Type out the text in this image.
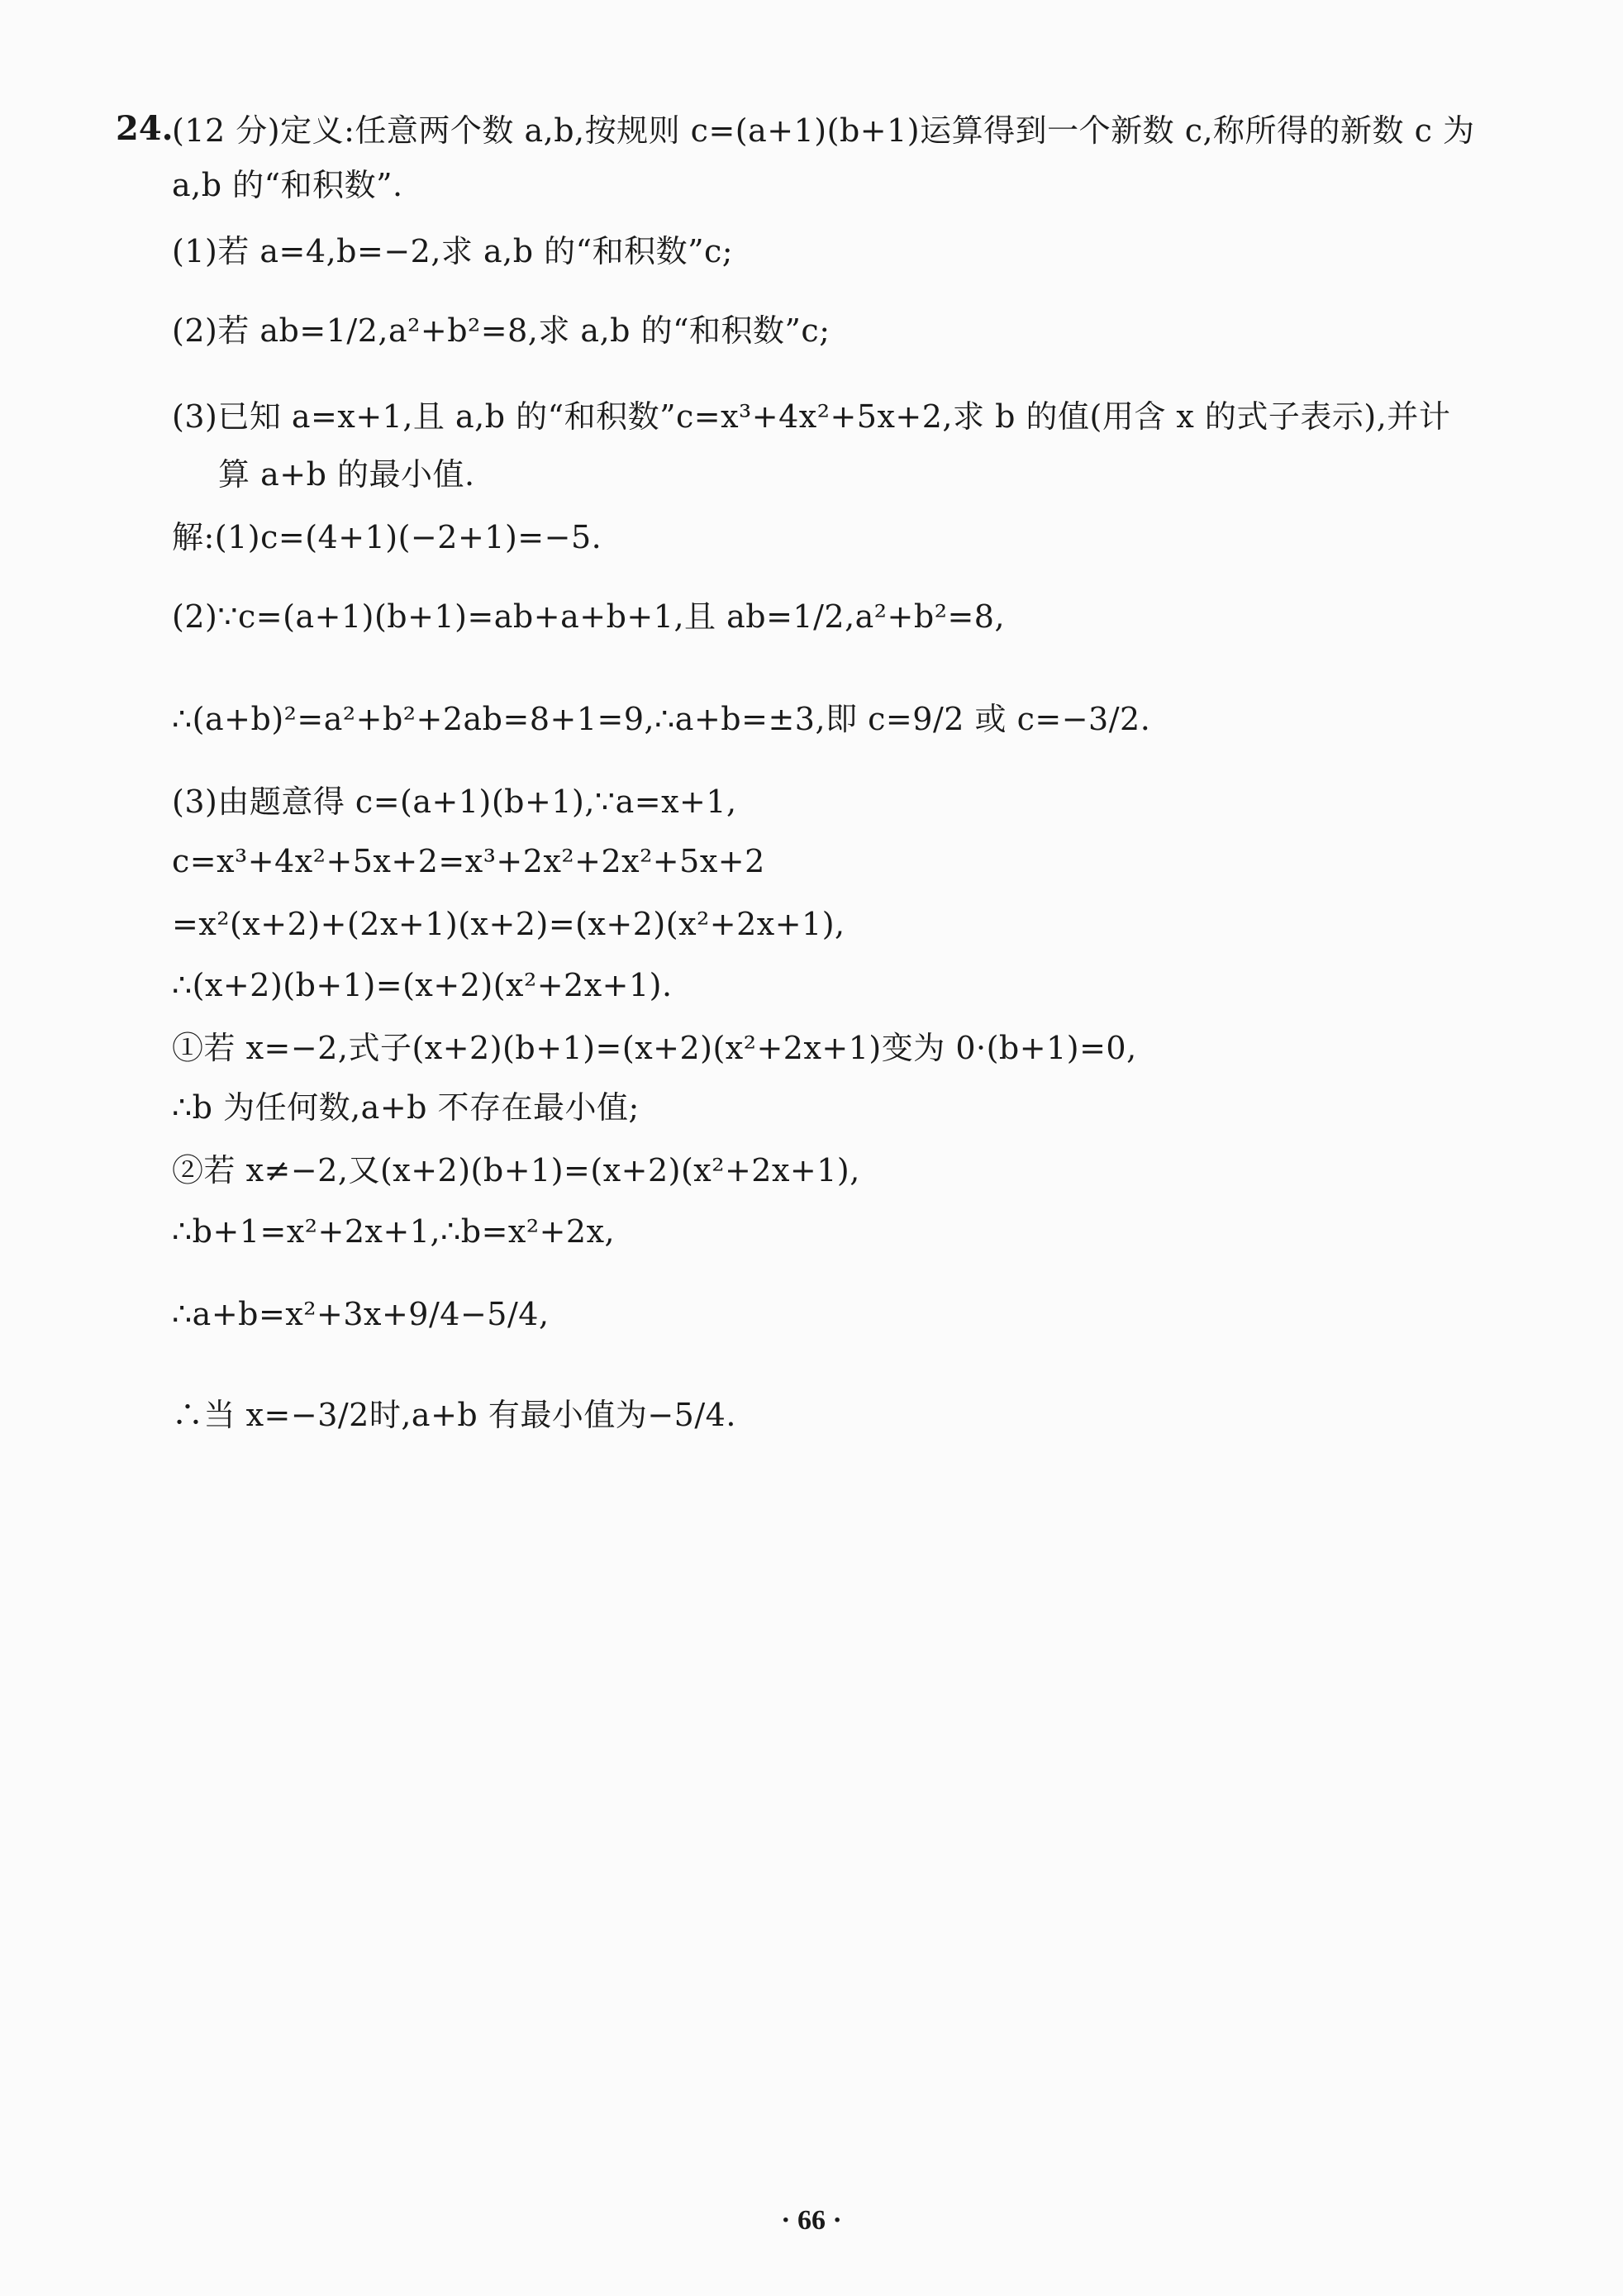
24.
(12 分)定义:任意两个数 a,b,按规则 c=(a+1)(b+1)运算得到一个新数 c,称所得的新数 c 为
a,b 的“和积数”.
(1)若 a=4,b=−2,求 a,b 的“和积数”c;
(2)若 ab=1/2,a²+b²=8,求 a,b 的“和积数”c;
(3)已知 a=x+1,且 a,b 的“和积数”c=x³+4x²+5x+2,求 b 的值(用含 x 的式子表示),并计
算 a+b 的最小值.
解:(1)c=(4+1)(−2+1)=−5.
(2)∵c=(a+1)(b+1)=ab+a+b+1,且 ab=1/2,a²+b²=8,
∴(a+b)²=a²+b²+2ab=8+1=9,∴a+b=±3,即 c=9/2 或 c=−3/2.
(3)由题意得 c=(a+1)(b+1),∵a=x+1,
c=x³+4x²+5x+2=x³+2x²+2x²+5x+2
=x²(x+2)+(2x+1)(x+2)=(x+2)(x²+2x+1),
∴(x+2)(b+1)=(x+2)(x²+2x+1).
①若 x=−2,式子(x+2)(b+1)=(x+2)(x²+2x+1)变为 0·(b+1)=0,
∴b 为任何数,a+b 不存在最小值;
②若 x≠−2,又(x+2)(b+1)=(x+2)(x²+2x+1),
∴b+1=x²+2x+1,∴b=x²+2x,
∴a+b=x²+3x+9/4−5/4,
∴当 x=−3/2时,a+b 有最小值为−5/4.
· 66 ·
